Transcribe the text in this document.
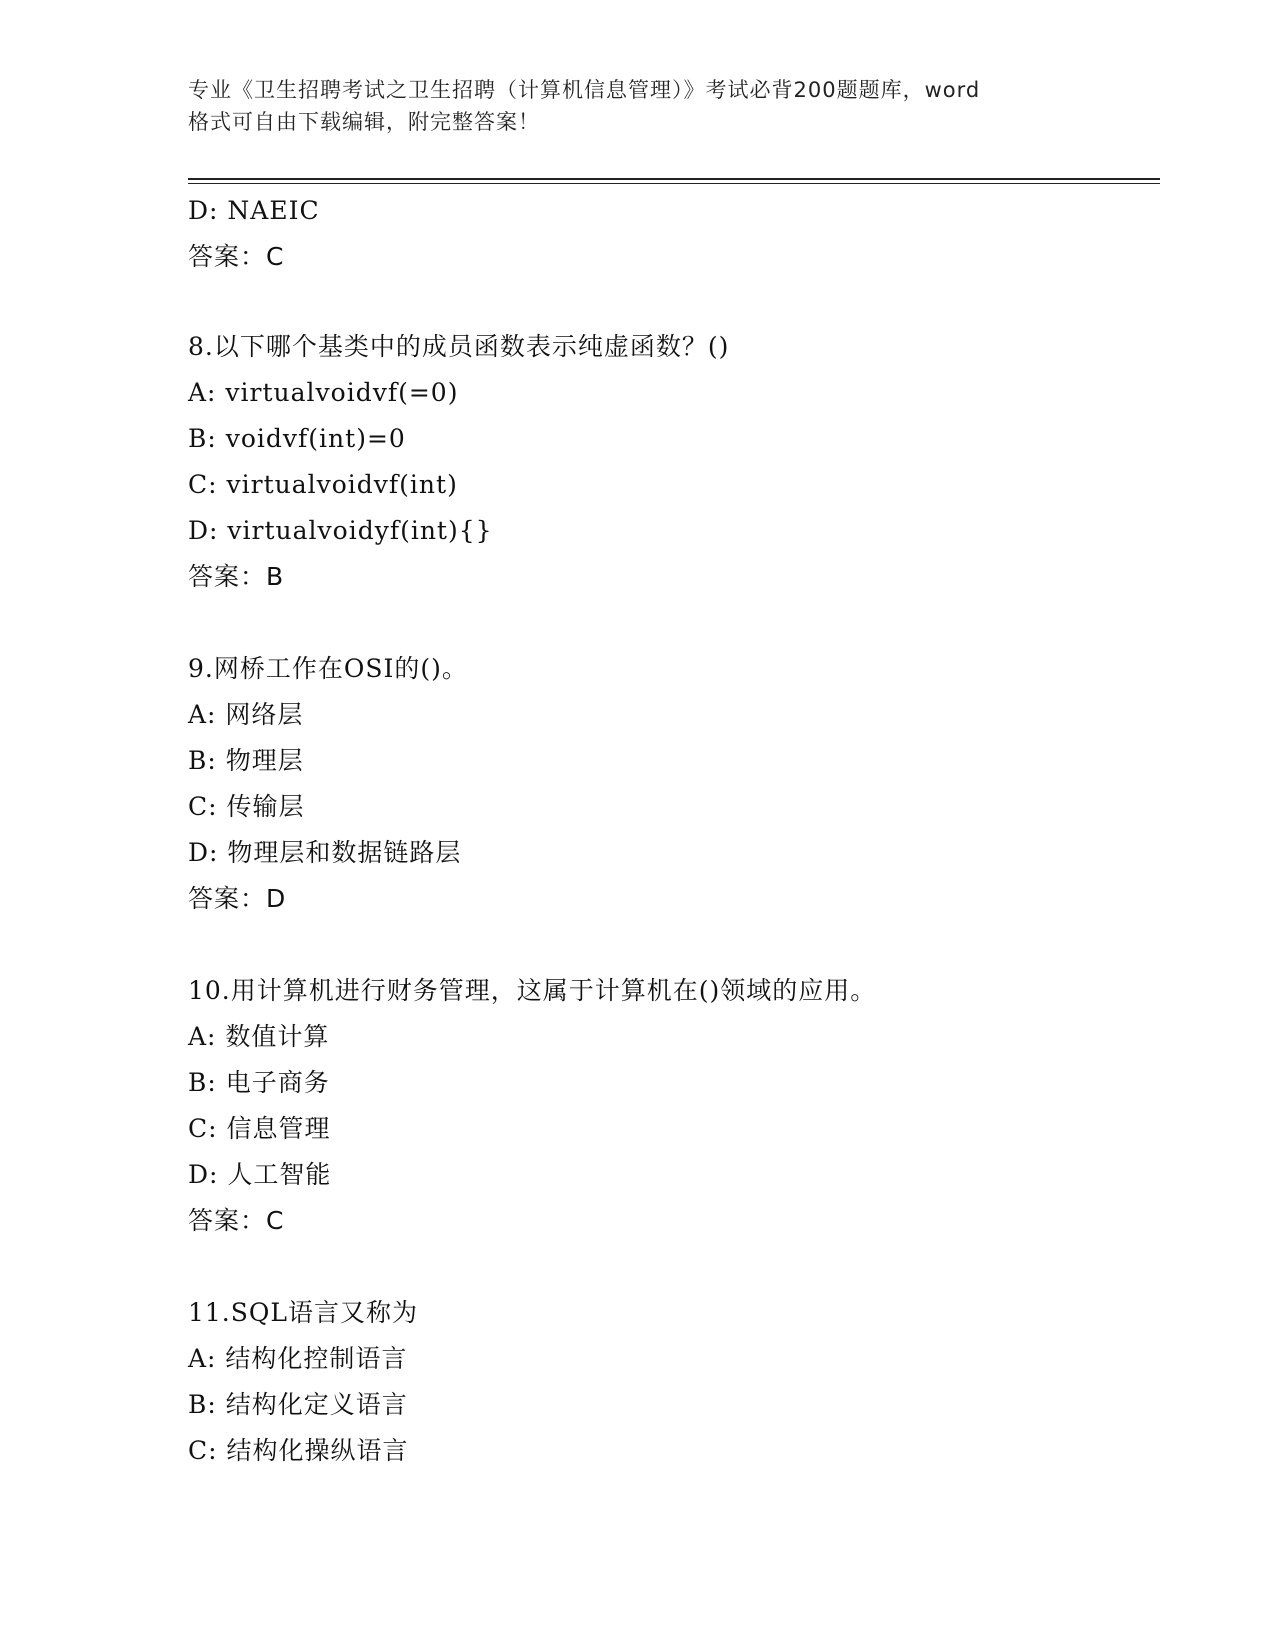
专业《卫生招聘考试之卫生招聘（计算机信息管理）》考试必背200题题库，word
格式可自由下载编辑，附完整答案！
D: NAEIC
答案：C
8.以下哪个基类中的成员函数表示纯虚函数？()
A: virtualvoidvf(=0)
B: voidvf(int)=0
C: virtualvoidvf(int)
D: virtualvoidyf(int){}
答案：B
9.网桥工作在OSI的()。
A: 网络层
B: 物理层
C: 传输层
D: 物理层和数据链路层
答案：D
10.用计算机进行财务管理，这属于计算机在()领域的应用。
A: 数值计算
B: 电子商务
C: 信息管理
D: 人工智能
答案：C
11.SQL语言又称为
A: 结构化控制语言
B: 结构化定义语言
C: 结构化操纵语言
